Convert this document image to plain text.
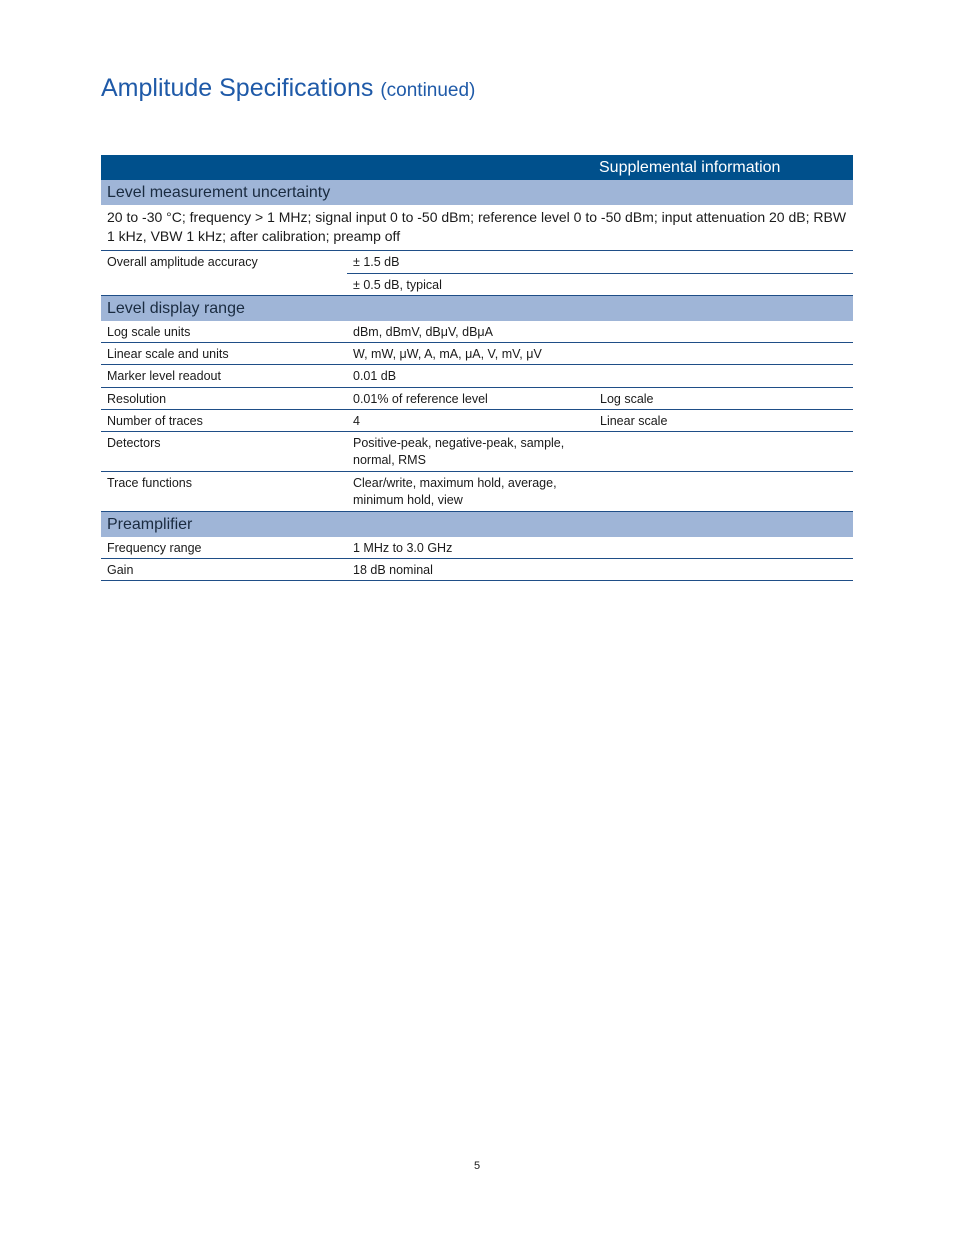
Amplitude Specifications (continued)
Supplemental information
Level measurement uncertainty
20 to -30 °C; frequency > 1 MHz; signal input 0 to -50 dBm; reference level 0 to -50 dBm; input attenuation 20 dB; RBW 1 kHz, VBW 1 kHz; after calibration; preamp off
Overall amplitude accuracy	± 1.5 dB
± 0.5 dB, typical
Level display range
Log scale units	dBm, dBmV, dBμV, dBμA
Linear scale and units	W, mW, μW, A, mA, μA, V, mV, μV
Marker level readout	0.01 dB
Resolution	0.01% of reference level	Log scale
Number of traces	4	Linear scale
Detectors	Positive-peak, negative-peak, sample, normal, RMS
Trace functions	Clear/write, maximum hold, average, minimum hold, view
Preamplifier
Frequency range	1 MHz to 3.0 GHz
Gain	18 dB nominal
5
